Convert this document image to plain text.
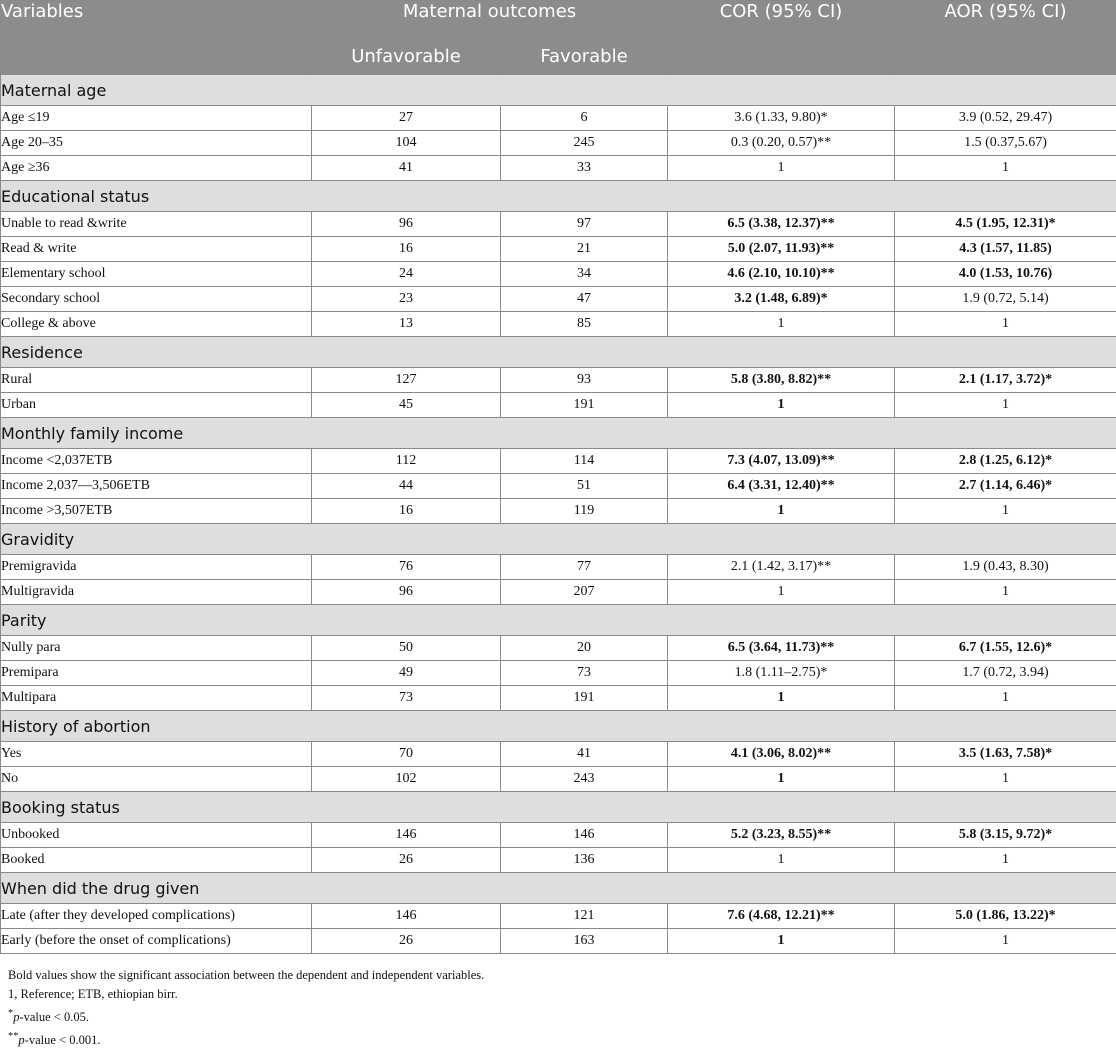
Variables	Maternal outcomes		COR (95% CI)	AOR (95% CI)
	Unfavorable	Favorable		
Maternal age				
Age ≤19	27	6	3.6 (1.33, 9.80)*	3.9 (0.52, 29.47)
Age 20–35	104	245	0.3 (0.20, 0.57)**	1.5 (0.37,5.67)
Age ≥36	41	33	1	1
Educational status				
Unable to read &write	96	97	6.5 (3.38, 12.37)**	4.5 (1.95, 12.31)*
Read & write	16	21	5.0 (2.07, 11.93)**	4.3 (1.57, 11.85)
Elementary school	24	34	4.6 (2.10, 10.10)**	4.0 (1.53, 10.76)
Secondary school	23	47	3.2 (1.48, 6.89)*	1.9 (0.72, 5.14)
College & above	13	85	1	1
Residence				
Rural	127	93	5.8 (3.80, 8.82)**	2.1 (1.17, 3.72)*
Urban	45	191	1	1
Monthly family income				
Income <2,037ETB	112	114	7.3 (4.07, 13.09)**	2.8 (1.25, 6.12)*
Income 2,037—3,506ETB	44	51	6.4 (3.31, 12.40)**	2.7 (1.14, 6.46)*
Income >3,507ETB	16	119	1	1
Gravidity				
Premigravida	76	77	2.1 (1.42, 3.17)**	1.9 (0.43, 8.30)
Multigravida	96	207	1	1
Parity				
Nully para	50	20	6.5 (3.64, 11.73)**	6.7 (1.55, 12.6)*
Premipara	49	73	1.8 (1.11–2.75)*	1.7 (0.72, 3.94)
Multipara	73	191	1	1
History of abortion				
Yes	70	41	4.1 (3.06, 8.02)**	3.5 (1.63, 7.58)*
No	102	243	1	1
Booking status				
Unbooked	146	146	5.2 (3.23, 8.55)**	5.8 (3.15, 9.72)*
Booked	26	136	1	1
When did the drug given				
Late (after they developed complications)	146	121	7.6 (4.68, 12.21)**	5.0 (1.86, 13.22)*
Early (before the onset of complications)	26	163	1	1

Bold values show the significant association between the dependent and independent variables.

1, Reference; ETB, ethiopian birr.

*p-value < 0.05.

**p-value < 0.001.
